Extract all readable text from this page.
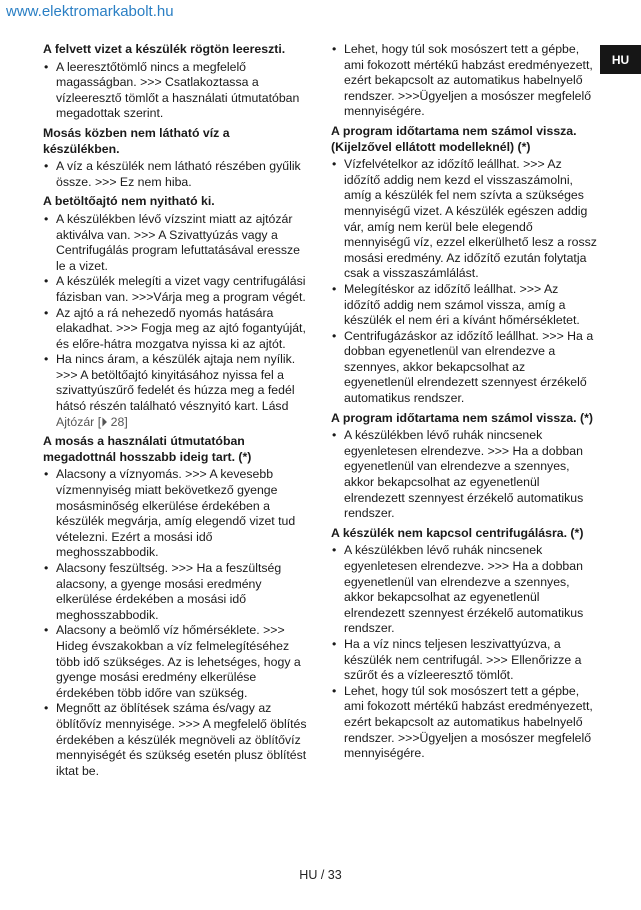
www.elektromarkabolt.hu
HU
A felvett vizet a készülék rögtön leereszti.
• A leeresztőtömlő nincs a megfelelő magasságban. >>> Csatlakoztassa a vízleeresztő tömlőt a használati útmutatóban megadottak szerint.
Mosás közben nem látható víz a készülékben.
• A víz a készülék nem látható részében gyűlik össze. >>> Ez nem hiba.
A betöltőajtó nem nyitható ki.
• A készülékben lévő vízszint miatt az ajtózár aktiválva van. >>> A Szivattyúzás vagy a Centrifugálás program lefuttatásával eressze le a vizet.
• A készülék melegíti a vizet vagy centrifugálási fázisban van. >>>Várja meg a program végét.
• Az ajtó a rá nehezedő nyomás hatására elakadhat. >>> Fogja meg az ajtó fogantyúját, és előre-hátra mozgatva nyissa ki az ajtót.
• Ha nincs áram, a készülék ajtaja nem nyílik. >>> A betöltőajtó kinyitásához nyissa fel a szivattyúszűrő fedelét és húzza meg a fedél hátsó részén található vésznyitó kart. Lásd Ajtózár [⏵ 28]
A mosás a használati útmutatóban megadottnál hosszabb ideig tart. (*)
• Alacsony a víznyomás. >>> A kevesebb vízmennyiség miatt bekövetkező gyenge mosásminőség elkerülése érdekében a készülék megvárja, amíg elegendő vizet tud vételezni. Ezért a mosási idő meghosszabbodik.
• Alacsony feszültség. >>> Ha a feszültség alacsony, a gyenge mosási eredmény elkerülése érdekében a mosási idő meghosszabbodik.
• Alacsony a beömlő víz hőmérséklete. >>> Hideg évszakokban a víz felmelegítéséhez több idő szükséges. Az is lehetséges, hogy a gyenge mosási eredmény elkerülése érdekében több időre van szükség.
• Megnőtt az öblítések száma és/vagy az öblítővíz mennyisége. >>> A megfelelő öblítés érdekében a készülék megnöveli az öblítővíz mennyiségét és szükség esetén plusz öblítést iktat be.
• Lehet, hogy túl sok mosószert tett a gépbe, ami fokozott mértékű habzást eredményezett, ezért bekapcsolt az automatikus habelnyelő rendszer. >>>Ügyeljen a mosószer megfelelő mennyiségére.
A program időtartama nem számol vissza. (Kijelzővel ellátott modelleknél) (*)
• Vízfelvételkor az időzítő leállhat. >>> Az időzítő addig nem kezd el visszaszámolni, amíg a készülék fel nem szívta a szükséges mennyiségű vizet. A készülék egészen addig vár, amíg nem kerül bele elegendő mennyiségű víz, ezzel elkerülhető lesz a rossz mosási eredmény. Az időzítő ezután folytatja csak a visszaszámlálást.
• Melegítéskor az időzítő leállhat. >>> Az időzítő addig nem számol vissza, amíg a készülék el nem éri a kívánt hőmérsékletet.
• Centrifugázáskor az időzítő leállhat. >>> Ha a dobban egyenetlenül van elrendezve a szennyes, akkor bekapcsolhat az egyenetlenül elrendezett szennyest érzékelő automatikus rendszer.
A program időtartama nem számol vissza. (*)
• A készülékben lévő ruhák nincsenek egyenletesen elrendezve. >>> Ha a dobban egyenetlenül van elrendezve a szennyes, akkor bekapcsolhat az egyenetlenül elrendezett szennyest érzékelő automatikus rendszer.
A készülék nem kapcsol centrifugálásra. (*)
• A készülékben lévő ruhák nincsenek egyenletesen elrendezve. >>> Ha a dobban egyenetlenül van elrendezve a szennyes, akkor bekapcsolhat az egyenetlenül elrendezett szennyest érzékelő automatikus rendszer.
• Ha a víz nincs teljesen leszivattyúzva, a készülék nem centrifugál. >>> Ellenőrizze a szűrőt és a vízleeresztő tömlőt.
• Lehet, hogy túl sok mosószert tett a gépbe, ami fokozott mértékű habzást eredményezett, ezért bekapcsolt az automatikus habelnyelő rendszer. >>>Ügyeljen a mosószer megfelelő mennyiségére.
HU / 33
